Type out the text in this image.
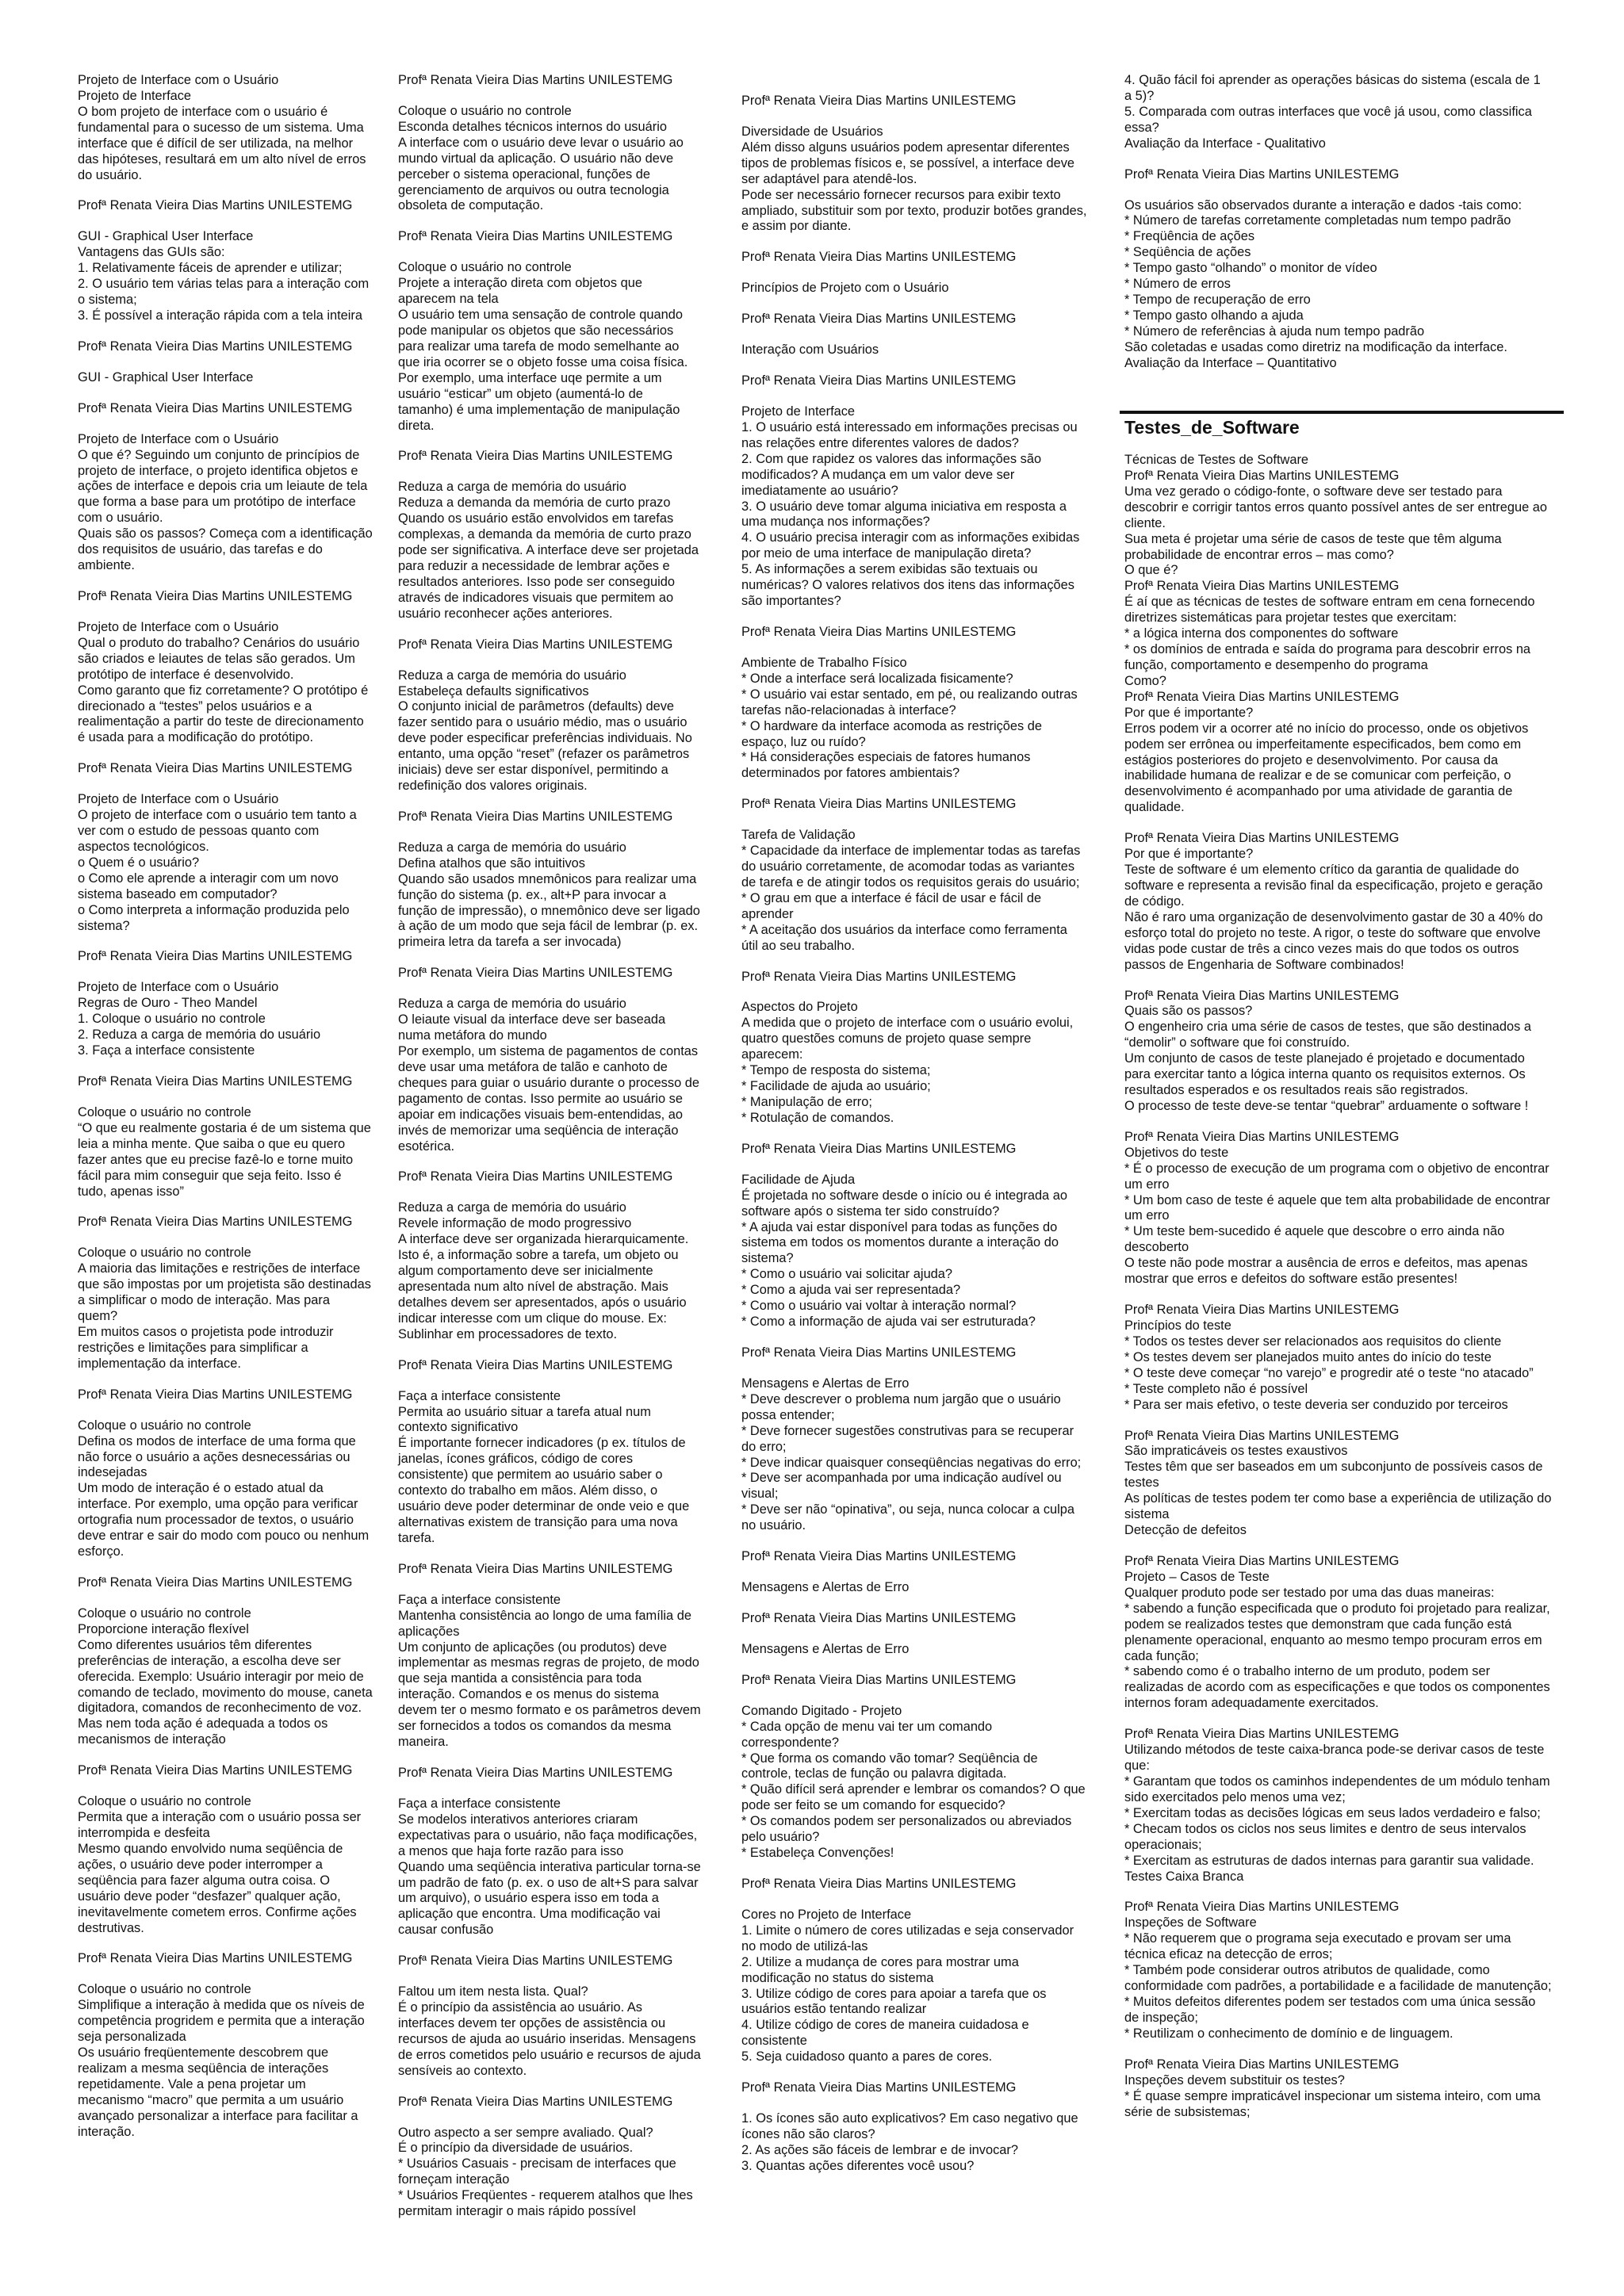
Projeto de Interface com o Usuário
Projeto de Interface
O bom projeto de interface com o usuário é fundamental para o sucesso de um sistema. Uma interface que é difícil de ser utilizada, na melhor das hipóteses, resultará em um alto nível de erros do usuário.

Profª Renata Vieira Dias Martins UNILESTEMG

GUI - Graphical User Interface
Vantagens das GUIs são:
1. Relativamente fáceis de aprender e utilizar;
2. O usuário tem várias telas para a interação com o sistema;
3. É possível a interação rápida com a tela inteira

Profª Renata Vieira Dias Martins UNILESTEMG

GUI - Graphical User Interface

Profª Renata Vieira Dias Martins UNILESTEMG

Projeto de Interface com o Usuário
O que é? Seguindo um conjunto de princípios de projeto de interface, o projeto identifica objetos e ações de interface e depois cria um leiaute de tela que forma a base para um protótipo de interface com o usuário.
Quais são os passos? Começa com a identificação dos requisitos de usuário, das tarefas e do ambiente.

Profª Renata Vieira Dias Martins UNILESTEMG

Projeto de Interface com o Usuário
Qual o produto do trabalho? Cenários do usuário são criados e leiautes de telas são gerados. Um protótipo de interface é desenvolvido.
Como garanto que fiz corretamente? O protótipo é direcionado a “testes” pelos usuários e a realimentação a partir do teste de direcionamento é usada para a modificação do protótipo.

Profª Renata Vieira Dias Martins UNILESTEMG

Projeto de Interface com o Usuário
O projeto de interface com o usuário tem tanto a ver com o estudo de pessoas quanto com aspectos tecnológicos.
o Quem é o usuário?
o Como ele aprende a interagir com um novo sistema baseado em computador?
o Como interpreta a informação produzida pelo sistema?

Profª Renata Vieira Dias Martins UNILESTEMG

Projeto de Interface com o Usuário
Regras de Ouro - Theo Mandel
1. Coloque o usuário no controle
2. Reduza a carga de memória do usuário
3. Faça a interface consistente

Profª Renata Vieira Dias Martins UNILESTEMG

Coloque o usuário no controle
“O que eu realmente gostaria é de um sistema que leia a minha mente. Que saiba o que eu quero fazer antes que eu precise fazê-lo e torne muito fácil para mim conseguir que seja feito. Isso é tudo, apenas isso”

Profª Renata Vieira Dias Martins UNILESTEMG

Coloque o usuário no controle
A maioria das limitações e restrições de interface que são impostas por um projetista são destinadas a simplificar o modo de interação. Mas para quem?
Em muitos casos o projetista pode introduzir restrições e limitações para simplificar a implementação da interface.

Profª Renata Vieira Dias Martins UNILESTEMG

Coloque o usuário no controle
Defina os modos de interface de uma forma que não force o usuário a ações desnecessárias ou indesejadas
Um modo de interação é o estado atual da interface. Por exemplo, uma opção para verificar ortografia num processador de textos, o usuário deve entrar e sair do modo com pouco ou nenhum esforço.

Profª Renata Vieira Dias Martins UNILESTEMG

Coloque o usuário no controle
Proporcione interação flexível
Como diferentes usuários têm diferentes preferências de interação, a escolha deve ser oferecida. Exemplo: Usuário interagir por meio de comando de teclado, movimento do mouse, caneta digitadora, comandos de reconhecimento de voz. Mas nem toda ação é adequada a todos os mecanismos de interação

Profª Renata Vieira Dias Martins UNILESTEMG

Coloque o usuário no controle
Permita que a interação com o usuário possa ser interrompida e desfeita
Mesmo quando envolvido numa seqüência de ações, o usuário deve poder interromper a seqüência para fazer alguma outra coisa. O usuário deve poder “desfazer” qualquer ação, inevitavelmente cometem erros. Confirme ações destrutivas.

Profª Renata Vieira Dias Martins UNILESTEMG

Coloque o usuário no controle
Simplifique a interação à medida que os níveis de competência progridem e permita que a interação seja personalizada
Os usuário freqüentemente descobrem que realizam a mesma seqüência de interações repetidamente. Vale a pena projetar um mecanismo “macro” que permita a um usuário avançado personalizar a interface para facilitar a interação.

Profª Renata Vieira Dias Martins UNILESTEMG

Coloque o usuário no controle
Esconda detalhes técnicos internos do usuário
A interface com o usuário deve levar o usuário ao mundo virtual da aplicação. O usuário não deve perceber o sistema operacional, funções de gerenciamento de arquivos ou outra tecnologia obsoleta de computação.

Profª Renata Vieira Dias Martins UNILESTEMG

Coloque o usuário no controle
Projete a interação direta com objetos que aparecem na tela
O usuário tem uma sensação de controle quando pode manipular os objetos que são necessários para realizar uma tarefa de modo semelhante ao que iria ocorrer se o objeto fosse uma coisa física. Por exemplo, uma interface uqe permite a um usuário “esticar” um objeto (aumentá-lo de tamanho) é uma implementação de manipulação direta.

Profª Renata Vieira Dias Martins UNILESTEMG

Reduza a carga de memória do usuário
Reduza a demanda da memória de curto prazo
Quando os usuário estão envolvidos em tarefas complexas, a demanda da memória de curto prazo pode ser significativa. A interface deve ser projetada para reduzir a necessidade de lembrar ações e resultados anteriores. Isso pode ser conseguido através de indicadores visuais que permitem ao usuário reconhecer ações anteriores.

Profª Renata Vieira Dias Martins UNILESTEMG

Reduza a carga de memória do usuário
Estabeleça defaults significativos
O conjunto inicial de parâmetros (defaults) deve fazer sentido para o usuário médio, mas o usuário deve poder especificar preferências individuais. No entanto, uma opção “reset” (refazer os parâmetros iniciais) deve ser estar disponível, permitindo a redefinição dos valores originais.

Profª Renata Vieira Dias Martins UNILESTEMG

Reduza a carga de memória do usuário
Defina atalhos que são intuitivos
Quando são usados mnemônicos para realizar uma função do sistema (p. ex., alt+P para invocar a função de impressão), o mnemônico deve ser ligado à ação de um modo que seja fácil de lembrar (p. ex. primeira letra da tarefa a ser invocada)

Profª Renata Vieira Dias Martins UNILESTEMG

Reduza a carga de memória do usuário
O leiaute visual da interface deve ser baseada numa metáfora do mundo
Por exemplo, um sistema de pagamentos de contas deve usar uma metáfora de talão e canhoto de cheques para guiar o usuário durante o processo de pagamento de contas. Isso permite ao usuário se apoiar em indicações visuais bem-entendidas, ao invés de memorizar uma seqüência de interação esotérica.

Profª Renata Vieira Dias Martins UNILESTEMG

Reduza a carga de memória do usuário
Revele informação de modo progressivo
A interface deve ser organizada hierarquicamente. Isto é, a informação sobre a tarefa, um objeto ou algum comportamento deve ser inicialmente apresentada num alto nível de abstração. Mais detalhes devem ser apresentados, após o usuário indicar interesse com um clique do mouse. Ex: Sublinhar em processadores de texto.

Profª Renata Vieira Dias Martins UNILESTEMG

Faça a interface consistente
Permita ao usuário situar a tarefa atual num contexto significativo
É importante fornecer indicadores (p ex. títulos de janelas, ícones gráficos, código de cores consistente) que permitem ao usuário saber o contexto do trabalho em mãos. Além disso, o usuário deve poder determinar de onde veio e que alternativas existem de transição para uma nova tarefa.

Profª Renata Vieira Dias Martins UNILESTEMG

Faça a interface consistente
Mantenha consistência ao longo de uma família de aplicações
Um conjunto de aplicações (ou produtos) deve implementar as mesmas regras de projeto, de modo que seja mantida a consistência para toda interação. Comandos e os menus do sistema devem ter o mesmo formato e os parâmetros devem ser fornecidos a todos os comandos da mesma maneira.

Profª Renata Vieira Dias Martins UNILESTEMG

Faça a interface consistente
Se modelos interativos anteriores criaram expectativas para o usuário, não faça modificações, a menos que haja forte razão para isso
Quando uma seqüência interativa particular torna-se um padrão de fato (p. ex. o uso de alt+S para salvar um arquivo), o usuário espera isso em toda a aplicação que encontra. Uma modificação vai causar confusão

Profª Renata Vieira Dias Martins UNILESTEMG

Faltou um item nesta lista. Qual?
É o princípio da assistência ao usuário. As interfaces devem ter opções de assistência ou recursos de ajuda ao usuário inseridas. Mensagens de erros cometidos pelo usuário e recursos de ajuda sensíveis ao contexto.

Profª Renata Vieira Dias Martins UNILESTEMG

Outro aspecto a ser sempre avaliado. Qual?
É o princípio da diversidade de usuários.
* Usuários Casuais - precisam de interfaces que forneçam interação
* Usuários Freqüentes - requerem atalhos que lhes permitam interagir o mais rápido possível

Profª Renata Vieira Dias Martins UNILESTEMG

Diversidade de Usuários
Além disso alguns usuários podem apresentar diferentes tipos de problemas físicos e, se possível, a interface deve ser adaptável para atendê-los.
Pode ser necessário fornecer recursos para exibir texto ampliado, substituir som por texto, produzir botões grandes, e assim por diante.

Profª Renata Vieira Dias Martins UNILESTEMG

Princípios de Projeto com o Usuário

Profª Renata Vieira Dias Martins UNILESTEMG

Interação com Usuários

Profª Renata Vieira Dias Martins UNILESTEMG

Projeto de Interface
1. O usuário está interessado em informações precisas ou nas relações entre diferentes valores de dados?
2. Com que rapidez os valores das informações são modificados? A mudança em um valor deve ser imediatamente ao usuário?
3. O usuário deve tomar alguma iniciativa em resposta a uma mudança nos informações?
4. O usuário precisa interagir com as informações exibidas por meio de uma interface de manipulação direta?
5. As informações a serem exibidas são textuais ou numéricas? O valores relativos dos itens das informações são importantes?

Profª Renata Vieira Dias Martins UNILESTEMG

Ambiente de Trabalho Físico
* Onde a interface será localizada fisicamente?
* O usuário vai estar sentado, em pé, ou realizando outras tarefas não-relacionadas à interface?
* O hardware da interface acomoda as restrições de espaço, luz ou ruído?
* Há considerações especiais de fatores humanos determinados por fatores ambientais?

Profª Renata Vieira Dias Martins UNILESTEMG

Tarefa de Validação
* Capacidade da interface de implementar todas as tarefas do usuário corretamente, de acomodar todas as variantes de tarefa e de atingir todos os requisitos gerais do usuário;
* O grau em que a interface é fácil de usar e fácil de aprender
* A aceitação dos usuários da interface como ferramenta útil ao seu trabalho.

Profª Renata Vieira Dias Martins UNILESTEMG

Aspectos do Projeto
A medida que o projeto de interface com o usuário evolui, quatro questões comuns de projeto quase sempre aparecem:
* Tempo de resposta do sistema;
* Facilidade de ajuda ao usuário;
* Manipulação de erro;
* Rotulação de comandos.

Profª Renata Vieira Dias Martins UNILESTEMG

Facilidade de Ajuda
É projetada no software desde o início ou é integrada ao software após o sistema ter sido construído?
* A ajuda vai estar disponível para todas as funções do sistema em todos os momentos durante a interação do sistema?
* Como o usuário vai solicitar ajuda?
* Como a ajuda vai ser representada?
* Como o usuário vai voltar à interação normal?
* Como a informação de ajuda vai ser estruturada?

Profª Renata Vieira Dias Martins UNILESTEMG

Mensagens e Alertas de Erro
* Deve descrever o problema num jargão que o usuário possa entender;
* Deve fornecer sugestões construtivas para se recuperar do erro;
* Deve indicar quaisquer conseqüências negativas do erro;
* Deve ser acompanhada por uma indicação audível ou visual;
* Deve ser não “opinativa”, ou seja, nunca colocar a culpa no usuário.

Profª Renata Vieira Dias Martins UNILESTEMG

Mensagens e Alertas de Erro

Profª Renata Vieira Dias Martins UNILESTEMG

Mensagens e Alertas de Erro

Profª Renata Vieira Dias Martins UNILESTEMG

Comando Digitado - Projeto
* Cada opção de menu vai ter um comando correspondente?
* Que forma os comando vão tomar? Seqüência de controle, teclas de função ou palavra digitada.
* Quão difícil será aprender e lembrar os comandos? O que pode ser feito se um comando for esquecido?
* Os comandos podem ser personalizados ou abreviados pelo usuário?
* Estabeleça Convenções!

Profª Renata Vieira Dias Martins UNILESTEMG

Cores no Projeto de Interface
1. Limite o número de cores utilizadas e seja conservador no modo de utilizá-las
2. Utilize a mudança de cores para mostrar uma modificação no status do sistema
3. Utilize código de cores para apoiar a tarefa que os usuários estão tentando realizar
4. Utilize código de cores de maneira cuidadosa e consistente
5. Seja cuidadoso quanto a pares de cores.

Profª Renata Vieira Dias Martins UNILESTEMG

1. Os ícones são auto explicativos? Em caso negativo que ícones não são claros?
2. As ações são fáceis de lembrar e de invocar?
3. Quantas ações diferentes você usou?

4. Quão fácil foi aprender as operações básicas do sistema (escala de 1 a 5)?
5. Comparada com outras interfaces que você já usou, como classifica essa?
Avaliação da Interface - Qualitativo

Profª Renata Vieira Dias Martins UNILESTEMG

Os usuários são observados durante a interação e dados -tais como:
* Número de tarefas corretamente completadas num tempo padrão
* Freqüência de ações
* Seqüência de ações
* Tempo gasto “olhando” o monitor de vídeo
* Número de erros
* Tempo de recuperação de erro
* Tempo gasto olhando a ajuda
* Número de referências à ajuda num tempo padrão
São coletadas e usadas como diretriz na modificação da interface.
Avaliação da Interface – Quantitativo

Testes_de_Software

Técnicas de Testes de Software
Profª Renata Vieira Dias Martins UNILESTEMG
Uma vez gerado o código-fonte, o software deve ser testado para descobrir e corrigir tantos erros quanto possível antes de ser entregue ao cliente.
Sua meta é projetar uma série de casos de teste que têm alguma probabilidade de encontrar erros – mas como?
O que é?
Profª Renata Vieira Dias Martins UNILESTEMG
É aí que as técnicas de testes de software entram em cena fornecendo diretrizes sistemáticas para projetar testes que exercitam:
* a lógica interna dos componentes do software
* os domínios de entrada e saída do programa para descobrir erros na função, comportamento e desempenho do programa
Como?
Profª Renata Vieira Dias Martins UNILESTEMG
Por que é importante?
Erros podem vir a ocorrer até no início do processo, onde os objetivos podem ser errônea ou imperfeitamente especificados, bem como em estágios posteriores do projeto e desenvolvimento. Por causa da inabilidade humana de realizar e de se comunicar com perfeição, o desenvolvimento é acompanhado por uma atividade de garantia de qualidade.

Profª Renata Vieira Dias Martins UNILESTEMG
Por que é importante?
Teste de software é um elemento crítico da garantia de qualidade do software e representa a revisão final da especificação, projeto e geração de código.
Não é raro uma organização de desenvolvimento gastar de 30 a 40% do esforço total do projeto no teste. A rigor, o teste do software que envolve vidas pode custar de três a cinco vezes mais do que todos os outros passos de Engenharia de Software combinados!

Profª Renata Vieira Dias Martins UNILESTEMG
Quais são os passos?
O engenheiro cria uma série de casos de testes, que são destinados a “demolir” o software que foi construído.
Um conjunto de casos de teste planejado é projetado e documentado para exercitar tanto a lógica interna quanto os requisitos externos. Os resultados esperados e os resultados reais são registrados.
O processo de teste deve-se tentar “quebrar” arduamente o software !

Profª Renata Vieira Dias Martins UNILESTEMG
Objetivos do teste
* É o processo de execução de um programa com o objetivo de encontrar um erro
* Um bom caso de teste é aquele que tem alta probabilidade de encontrar um erro
* Um teste bem-sucedido é aquele que descobre o erro ainda não descoberto
O teste não pode mostrar a ausência de erros e defeitos, mas apenas mostrar que erros e defeitos do software estão presentes!

Profª Renata Vieira Dias Martins UNILESTEMG
Princípios do teste
* Todos os testes dever ser relacionados aos requisitos do cliente
* Os testes devem ser planejados muito antes do início do teste
* O teste deve começar “no varejo” e progredir até o teste “no atacado”
* Teste completo não é possível
* Para ser mais efetivo, o teste deveria ser conduzido por terceiros

Profª Renata Vieira Dias Martins UNILESTEMG
São impraticáveis os testes exaustivos
Testes têm que ser baseados em um subconjunto de possíveis casos de testes
As políticas de testes podem ter como base a experiência de utilização do sistema
Detecção de defeitos

Profª Renata Vieira Dias Martins UNILESTEMG
Projeto – Casos de Teste
Qualquer produto pode ser testado por uma das duas maneiras:
* sabendo a função especificada que o produto foi projetado para realizar, podem se realizados testes que demonstram que cada função está plenamente operacional, enquanto ao mesmo tempo procuram erros em cada função;
* sabendo como é o trabalho interno de um produto, podem ser realizadas de acordo com as especificações e que todos os componentes internos foram adequadamente exercitados.

Profª Renata Vieira Dias Martins UNILESTEMG
Utilizando métodos de teste caixa-branca pode-se derivar casos de teste que:
* Garantam que todos os caminhos independentes de um módulo tenham sido exercitados pelo menos uma vez;
* Exercitam todas as decisões lógicas em seus lados verdadeiro e falso;
* Checam todos os ciclos nos seus limites e dentro de seus intervalos operacionais;
* Exercitam as estruturas de dados internas para garantir sua validade.
Testes Caixa Branca

Profª Renata Vieira Dias Martins UNILESTEMG
Inspeções de Software
* Não requerem que o programa seja executado e provam ser uma técnica eficaz na detecção de erros;
* Também pode considerar outros atributos de qualidade, como conformidade com padrões, a portabilidade e a facilidade de manutenção;
* Muitos defeitos diferentes podem ser testados com uma única sessão de inspeção;
* Reutilizam o conhecimento de domínio e de linguagem.

Profª Renata Vieira Dias Martins UNILESTEMG
Inspeções devem substituir os testes?
* É quase sempre impraticável inspecionar um sistema inteiro, com uma série de subsistemas;
